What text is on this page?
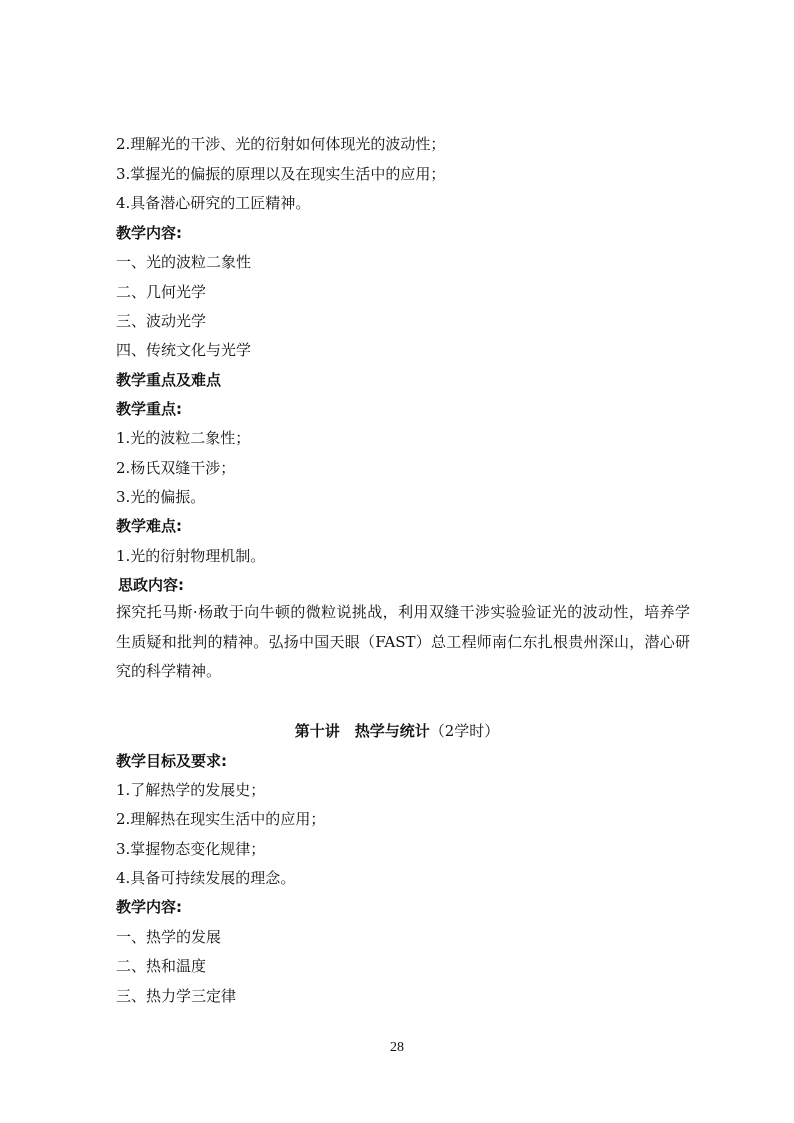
2.理解光的干涉、光的衍射如何体现光的波动性；
3.掌握光的偏振的原理以及在现实生活中的应用；
4.具备潜心研究的工匠精神。
教学内容:
一、光的波粒二象性
二、几何光学
三、波动光学
四、传统文化与光学
教学重点及难点
教学重点:
1.光的波粒二象性；
2.杨氏双缝干涉；
3.光的偏振。
教学难点:
1.光的衍射物理机制。
思政内容:
探究托马斯·杨敢于向牛顿的微粒说挑战，利用双缝干涉实验验证光的波动性，培养学生质疑和批判的精神。弘扬中国天眼（FAST）总工程师南仁东扎根贵州深山，潜心研究的科学精神。
第十讲　热学与统计（2学时）
教学目标及要求:
1.了解热学的发展史；
2.理解热在现实生活中的应用；
3.掌握物态变化规律；
4.具备可持续发展的理念。
教学内容:
一、热学的发展
二、热和温度
三、热力学三定律
28
